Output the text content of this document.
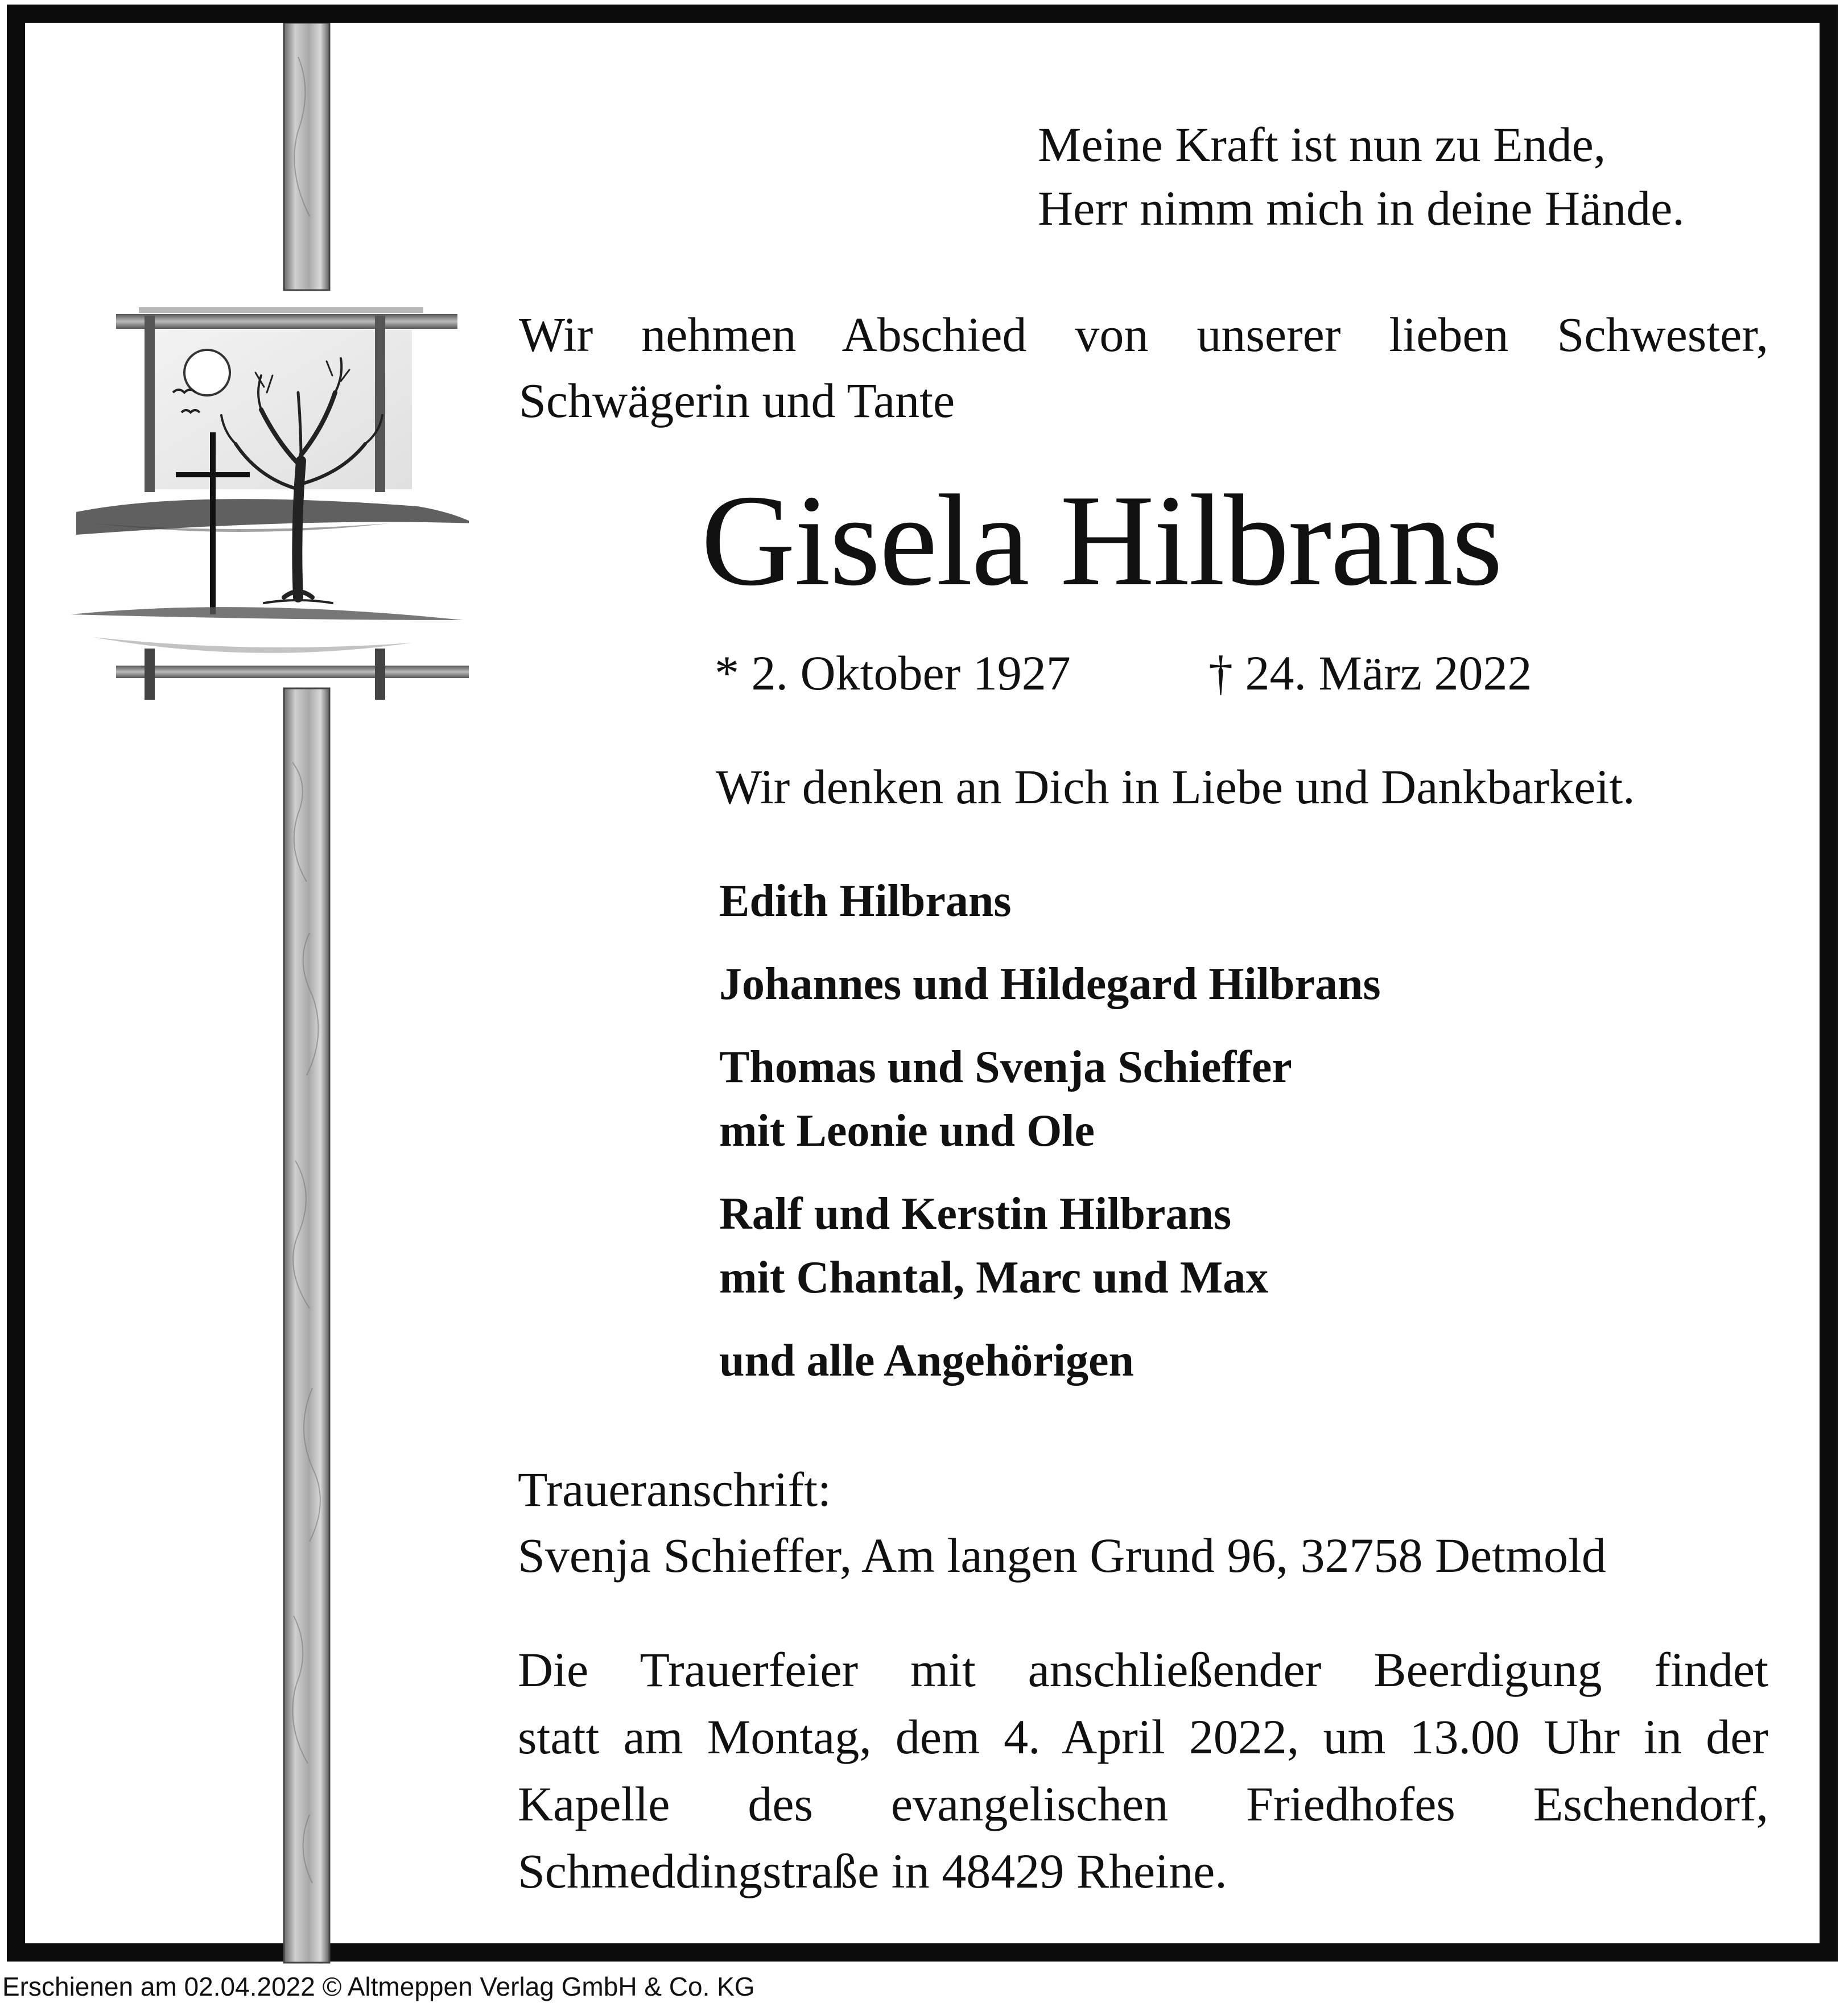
Meine Kraft ist nun zu Ende,
Herr nimm mich in deine Hände.

Wir nehmen Abschied von unserer lieben Schwester,
Schwägerin und Tante

Gisela Hilbrans

* 2. Oktober 1927	† 24. März 2022

Wir denken an Dich in Liebe und Dankbarkeit.

Edith Hilbrans
Johannes und Hildegard Hilbrans
Thomas und Svenja Schieffer
mit Leonie und Ole
Ralf und Kerstin Hilbrans
mit Chantal, Marc und Max
und alle Angehörigen

Traueranschrift:
Svenja Schieffer, Am langen Grund 96, 32758 Detmold

Die Trauerfeier mit anschließender Beerdigung findet
statt am Montag, dem 4. April 2022, um 13.00 Uhr in der
Kapelle des evangelischen Friedhofes Eschendorf,
Schmeddingstraße in 48429 Rheine.

Erschienen am 02.04.2022 © Altmeppen Verlag GmbH & Co. KG
